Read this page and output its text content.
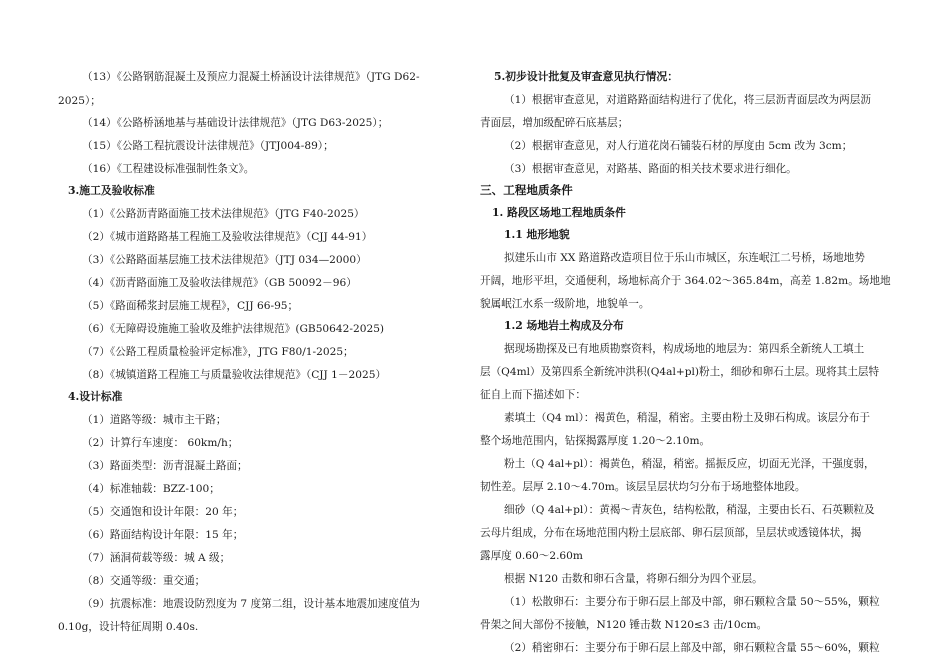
（13）《公路钢筋混凝土及预应力混凝土桥涵设计法律规范》（JTG D62-
2025）；
（14）《公路桥涵地基与基础设计法律规范》（JTG D63-2025）；
（15）《公路工程抗震设计法律规范》（JTJ004-89）；
（16）《工程建设标准强制性条文》。
3.施工及验收标准
（1）《公路沥青路面施工技术法律规范》（JTG F40-2025）
（2）《城市道路路基工程施工及验收法律规范》（CJJ 44-91）
（3）《公路路面基层施工技术法律规范》（JTJ 034—2000）
（4）《沥青路面施工及验收法律规范》（GB 50092－96）
（5）《路面稀浆封层施工规程》，CJJ 66-95；
（6）《无障碍设施施工验收及维护法律规范》(GB50642-2025)
（7）《公路工程质量检验评定标准》，JTG F80/1-2025；
（8）《城镇道路工程施工与质量验收法律规范》（CJJ 1－2025）
4.设计标准
（1）道路等级：城市主干路；
（2）计算行车速度： 60km/h；
（3）路面类型：沥青混凝土路面；
（4）标准轴载：BZZ-100；
（5）交通饱和设计年限：20 年；
（6）路面结构设计年限：15 年；
（7）涵洞荷载等级：城 A 级；
（8）交通等级：重交通；
（9）抗震标准：地震设防烈度为 7 度第二组，设计基本地震加速度值为
0.10g，设计特征周期 0.40s.
5.初步设计批复及审查意见执行情况：
（1）根据审查意见，对道路路面结构进行了优化，将三层沥青面层改为两层沥
青面层，增加级配碎石底基层；
（2）根据审查意见，对人行道花岗石铺装石材的厚度由 5cm 改为 3cm；
（3）根据审查意见，对路基、路面的相关技术要求进行细化。
三、工程地质条件
1. 路段区场地工程地质条件
1.1 地形地貌
拟建乐山市 XX 路道路改造项目位于乐山市城区，东连岷江二号桥，场地地势
开阔，地形平坦，交通便利，场地标高介于 364.02～365.84m，高差 1.82m。场地地
貌属岷江水系一级阶地，地貌单一。
1.2 场地岩土构成及分布
据现场勘探及已有地质勘察资料，构成场地的地层为：第四系全新统人工填土
层（Q4ml）及第四系全新统冲洪积(Q4al+pl)粉土，细砂和卵石土层。现将其土层特
征自上而下描述如下：
素填土（Q4 ml）：褐黄色，稍湿，稍密。主要由粉土及卵石构成。该层分布于
整个场地范围内，钻探揭露厚度 1.20～2.10m。
粉土（Q 4al+pl）：褐黄色，稍湿，稍密。摇振反应，切面无光泽，干强度弱，
韧性差。层厚 2.10～4.70m。该层呈层状均匀分布于场地整体地段。
细砂（Q 4al+pl）：黄褐～青灰色，结构松散，稍湿，主要由长石、石英颗粒及
云母片组成，分布在场地范围内粉土层底部、卵石层顶部，呈层状或透镜体状，揭
露厚度 0.60～2.60m
根据 N120 击数和卵石含量，将卵石细分为四个亚层。
（1）松散卵石：主要分布于卵石层上部及中部，卵石颗粒含量 50～55%，颗粒
骨架之间大部份不接触，N120 锤击数 N120≤3 击/10cm。
（2）稍密卵石：主要分布于卵石层上部及中部，卵石颗粒含量 55～60%，颗粒
